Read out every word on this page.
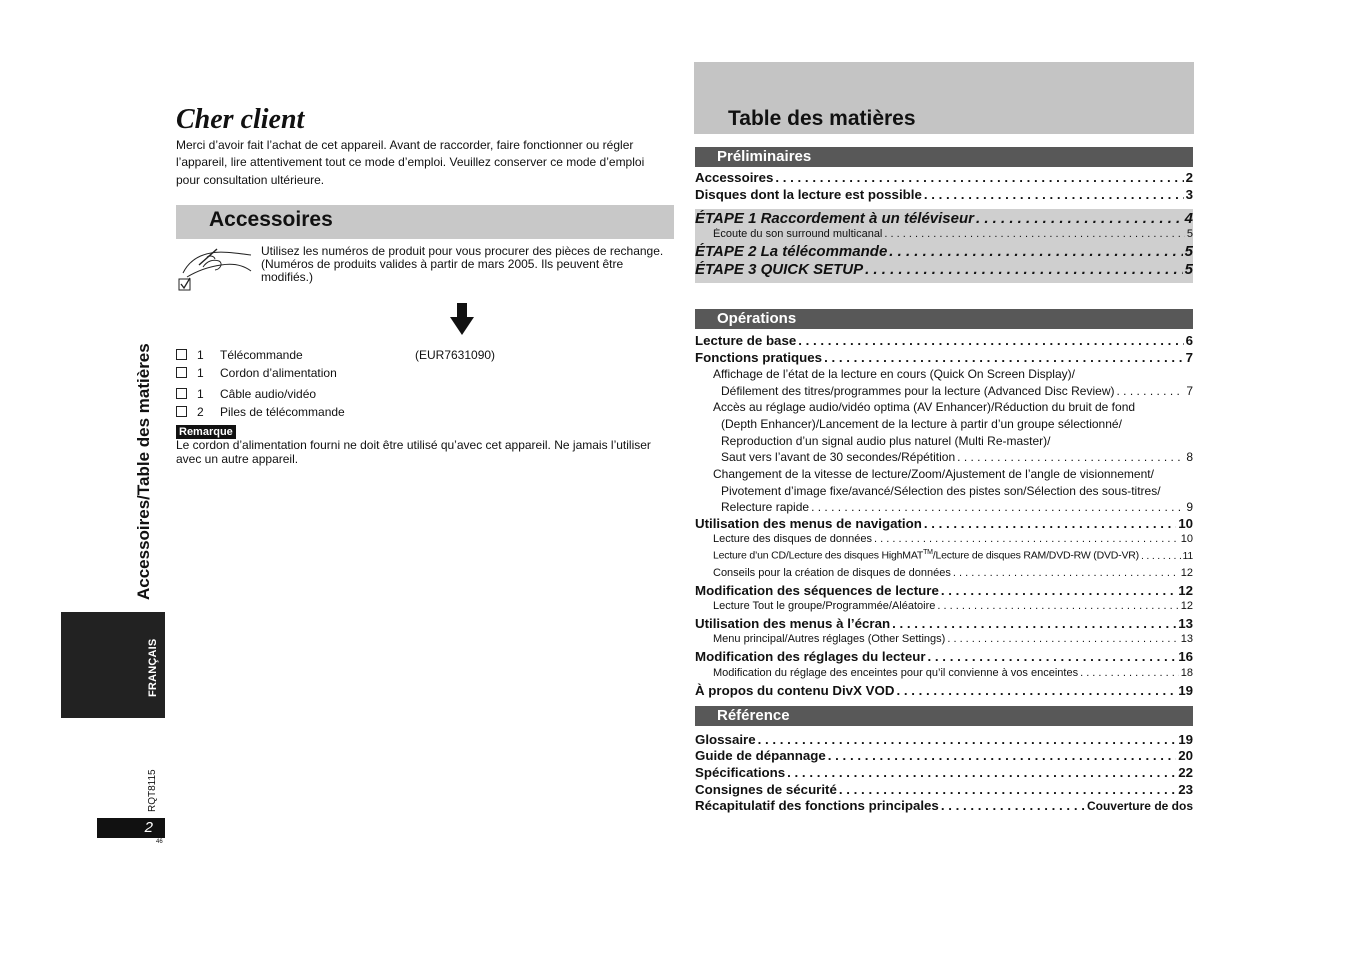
Accessoires/Table des matières
FRANÇAIS
RQT8115
2
46
Cher client
Merci d’avoir fait l’achat de cet appareil. Avant de raccorder, faire fonctionner ou régler l’appareil, lire attentivement tout ce mode d’emploi. Veuillez conserver ce mode d’emploi pour consultation ultérieure.
Accessoires
Utilisez les numéros de produit pour vous procurer des pièces de rechange.
(Numéros de produits valides à partir de mars 2005. Ils peuvent être modifiés.)
1 Télécommande	(EUR7631090)
1 Cordon d’alimentation
1 Câble audio/vidéo
2 Piles de télécommande
Remarque
Le cordon d’alimentation fourni ne doit être utilisé qu’avec cet appareil. Ne jamais l’utiliser avec un autre appareil.
Table des matières
Préliminaires
Accessoires . . .	2
Disques dont la lecture est possible . . .	3
ÉTAPE 1 Raccordement à un téléviseur . . .	4
Écoute du son surround multicanal . . .	5
ÉTAPE 2 La télécommande . . .	5
ÉTAPE 3 QUICK SETUP . . .	5
Opérations
Lecture de base . . .	6
Fonctions pratiques . . .	7
Affichage de l’état de la lecture en cours (Quick On Screen Display)/
Défilement des titres/programmes pour la lecture (Advanced Disc Review) . . .	7
Accès au réglage audio/vidéo optima (AV Enhancer)/Réduction du bruit de fond
(Depth Enhancer)/Lancement de la lecture à partir d’un groupe sélectionné/
Reproduction d’un signal audio plus naturel (Multi Re-master)/
Saut vers l’avant de 30 secondes/Répétition . . .	8
Changement de la vitesse de lecture/Zoom/Ajustement de l’angle de visionnement/
Pivotement d’image fixe/avancé/Sélection des pistes son/Sélection des sous-titres/
Relecture rapide . . .	9
Utilisation des menus de navigation . . .	10
Lecture des disques de données . . .	10
Lecture d’un CD/Lecture des disques HighMAT™/Lecture de disques RAM/DVD-RW (DVD-VR) . . .	11
Conseils pour la création de disques de données . . .	12
Modification des séquences de lecture . . .	12
Lecture Tout le groupe/Programmée/Aléatoire . . .	12
Utilisation des menus à l’écran . . .	13
Menu principal/Autres réglages (Other Settings) . . .	13
Modification des réglages du lecteur . . .	16
Modification du réglage des enceintes pour qu’il convienne à vos enceintes . . .	18
À propos du contenu DivX VOD . . .	19
Référence
Glossaire . . .	19
Guide de dépannage . . .	20
Spécifications . . .	22
Consignes de sécurité . . .	23
Récapitulatif des fonctions principales . . .	Couverture de dos
